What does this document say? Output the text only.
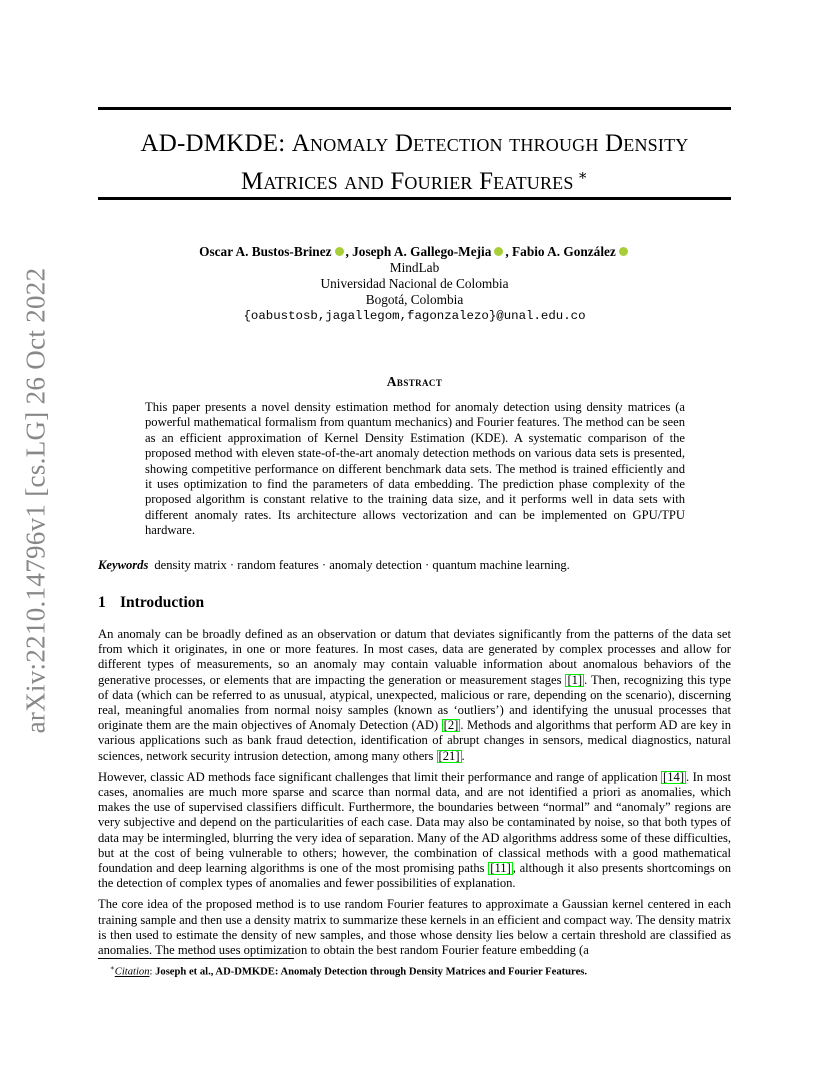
arXiv:2210.14796v1 [cs.LG] 26 Oct 2022
AD-DMKDE: Anomaly Detection through Density
Matrices and Fourier Features ∗
Oscar A. Bustos-Brinez , Joseph A. Gallego-Mejia , Fabio A. González
MindLab
Universidad Nacional de Colombia
Bogotá, Colombia
{oabustosb,jagallegom,fagonzalezo}@unal.edu.co
Abstract
This paper presents a novel density estimation method for anomaly detection using density matrices (a powerful mathematical formalism from quantum mechanics) and Fourier features. The method can be seen as an efficient approximation of Kernel Density Estimation (KDE). A systematic comparison of the proposed method with eleven state-of-the-art anomaly detection methods on various data sets is presented, showing competitive performance on different benchmark data sets. The method is trained efficiently and it uses optimization to find the parameters of data embedding. The prediction phase complexity of the proposed algorithm is constant relative to the training data size, and it performs well in data sets with different anomaly rates. Its architecture allows vectorization and can be implemented on GPU/TPU hardware.
Keywords density matrix · random features · anomaly detection · quantum machine learning.
1 Introduction

An anomaly can be broadly defined as an observation or datum that deviates significantly from the patterns of the data set from which it originates, in one or more features. In most cases, data are generated by complex processes and allow for different types of measurements, so an anomaly may contain valuable information about anomalous behaviors of the generative processes, or elements that are impacting the generation or measurement stages [1] . Then, recognizing this type of data (which can be referred to as unusual, atypical, unexpected, malicious or rare, depending on the scenario), discerning real, meaningful anomalies from normal noisy samples (known as ‘outliers’) and identifying the unusual processes that originate them are the main objectives of Anomaly Detection (AD) [2] . Methods and algorithms that perform AD are key in various applications such as bank fraud detection, identification of abrupt changes in sensors, medical diagnostics, natural sciences, network security intrusion detection, among many others [21] .

However, classic AD methods face significant challenges that limit their performance and range of application [14] . In most cases, anomalies are much more sparse and scarce than normal data, and are not identified a priori as anomalies, which makes the use of supervised classifiers difficult. Furthermore, the boundaries between “normal” and “anomaly” regions are very subjective and depend on the particularities of each case. Data may also be contaminated by noise, so that both types of data may be intermingled, blurring the very idea of separation. Many of the AD algorithms address some of these difficulties, but at the cost of being vulnerable to others; however, the combination of classical methods with a good mathematical foundation and deep learning algorithms is one of the most promising paths [11] , although it also presents shortcomings on the detection of complex types of anomalies and fewer possibilities of explanation.

The core idea of the proposed method is to use random Fourier features to approximate a Gaussian kernel centered in each training sample and then use a density matrix to summarize these kernels in an efficient and compact way. The density matrix is then used to estimate the density of new samples, and those whose density lies below a certain threshold are classified as anomalies. The method uses optimization to obtain the best random Fourier feature embedding (a

∗Citation: Joseph et al., AD-DMKDE: Anomaly Detection through Density Matrices and Fourier Features.
